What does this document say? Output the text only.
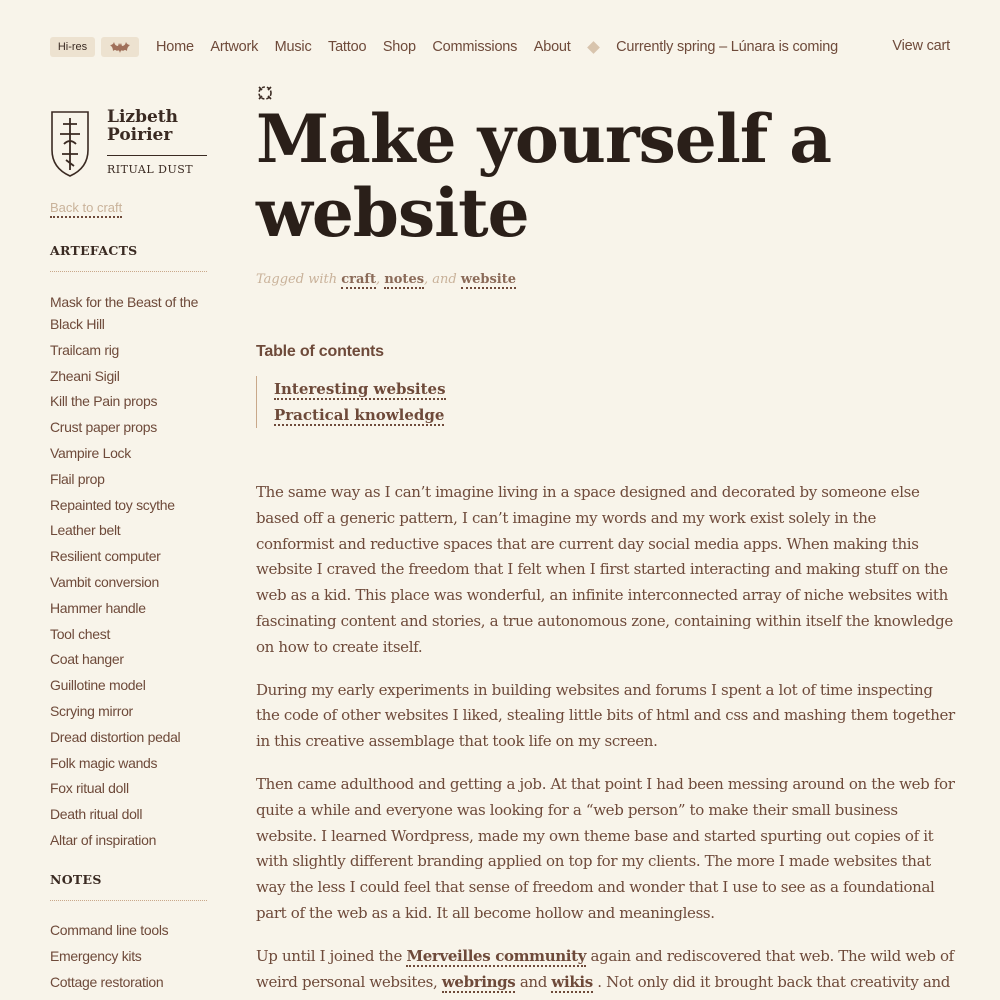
Hi-res	Home Artwork Music Tattoo Shop Commissions About	Currently spring – Lúnara is coming	View cart
Lizbeth
Poirier
RITUAL DUST
Back to craft
ARTEFACTS
Mask for the Beast of the Black Hill
Trailcam rig
Zheani Sigil
Kill the Pain props
Crust paper props
Vampire Lock
Flail prop
Repainted toy scythe
Leather belt
Resilient computer
Vambit conversion
Hammer handle
Tool chest
Coat hanger
Guillotine model
Scrying mirror
Dread distortion pedal
Folk magic wands
Fox ritual doll
Death ritual doll
Altar of inspiration
NOTES
Command line tools
Emergency kits
Cottage restoration
Make yourself a website
Tagged with craft, notes, and website
Table of contents
Interesting websites
Practical knowledge

The same way as I can’t imagine living in a space designed and decorated by someone else based off a generic pattern, I can’t imagine my words and my work exist solely in the conformist and reductive spaces that are current day social media apps. When making this website I craved the freedom that I felt when I first started interacting and making stuff on the web as a kid. This place was wonderful, an infinite interconnected array of niche websites with fascinating content and stories, a true autonomous zone, containing within itself the knowledge on how to create itself.

During my early experiments in building websites and forums I spent a lot of time inspecting the code of other websites I liked, stealing little bits of html and css and mashing them together in this creative assemblage that took life on my screen.

Then came adulthood and getting a job. At that point I had been messing around on the web for quite a while and everyone was looking for a “web person” to make their small business website. I learned Wordpress, made my own theme base and started spurting out copies of it with slightly different branding applied on top for my clients. The more I made websites that way the less I could feel that sense of freedom and wonder that I use to see as a foundational part of the web as a kid. It all become hollow and meaningless.

Up until I joined the Merveilles community again and rediscovered that web. The wild web of weird personal websites, webrings and wikis . Not only did it brought back that creativity and
